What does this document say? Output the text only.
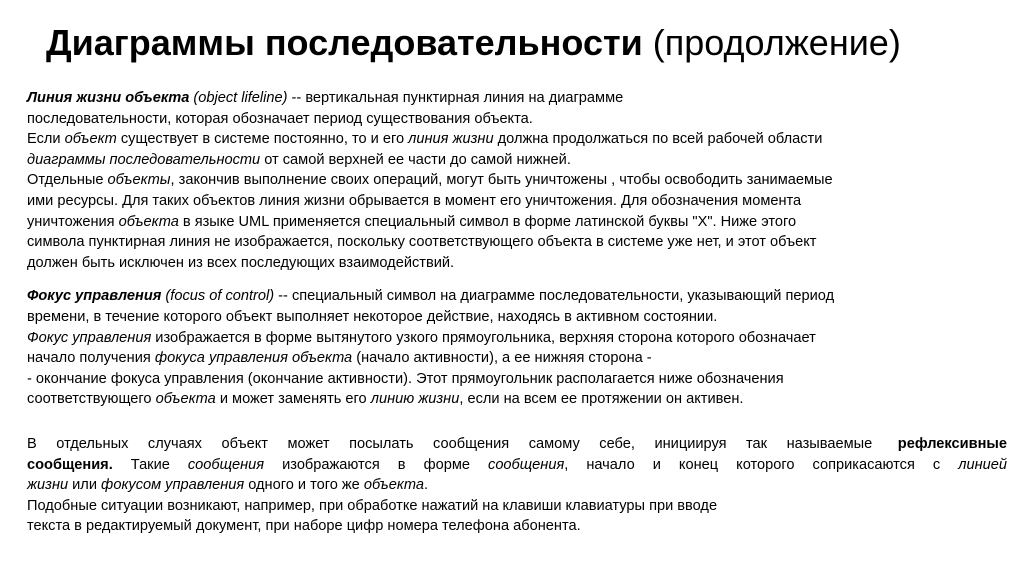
Диаграммы последовательности (продолжение)
Линия жизни объекта (object lifeline) -- вертикальная пунктирная линия на диаграмме
последовательности, которая обозначает период существования объекта.
Если объект существует в системе постоянно, то и его линия жизни должна продолжаться по всей рабочей области
диаграммы последовательности от самой верхней ее части до самой нижней.
Отдельные объекты, закончив выполнение своих операций, могут быть уничтожены , чтобы освободить занимаемые
ими ресурсы. Для таких объектов линия жизни обрывается в момент его уничтожения. Для обозначения момента
уничтожения объекта в языке UML применяется специальный символ в форме латинской буквы "X". Ниже этого
символа пунктирная линия не изображается, поскольку соответствующего объекта в системе уже нет, и этот объект
должен быть исключен из всех последующих взаимодействий.
Фокус управления (focus of control) -- специальный символ на диаграмме последовательности, указывающий период
времени, в течение которого объект выполняет некоторое действие, находясь в активном состоянии.
Фокус управления изображается в форме вытянутого узкого прямоугольника, верхняя сторона которого обозначает
начало получения фокуса управления объекта (начало активности), а ее нижняя сторона -
- окончание фокуса управления (окончание активности). Этот прямоугольник располагается ниже обозначения
соответствующего объекта и может заменять его линию жизни, если на всем ее протяжении он активен.
В отдельных случаях объект может посылать сообщения самому себе, инициируя так называемые рефлексивные
сообщения. Такие сообщения изображаются в форме сообщения, начало и конец которого соприкасаются с линией
жизни или фокусом управления одного и того же объекта.
Подобные ситуации возникают, например, при обработке нажатий на клавиши клавиатуры при вводе
текста в редактируемый документ, при наборе цифр номера телефона абонента.
